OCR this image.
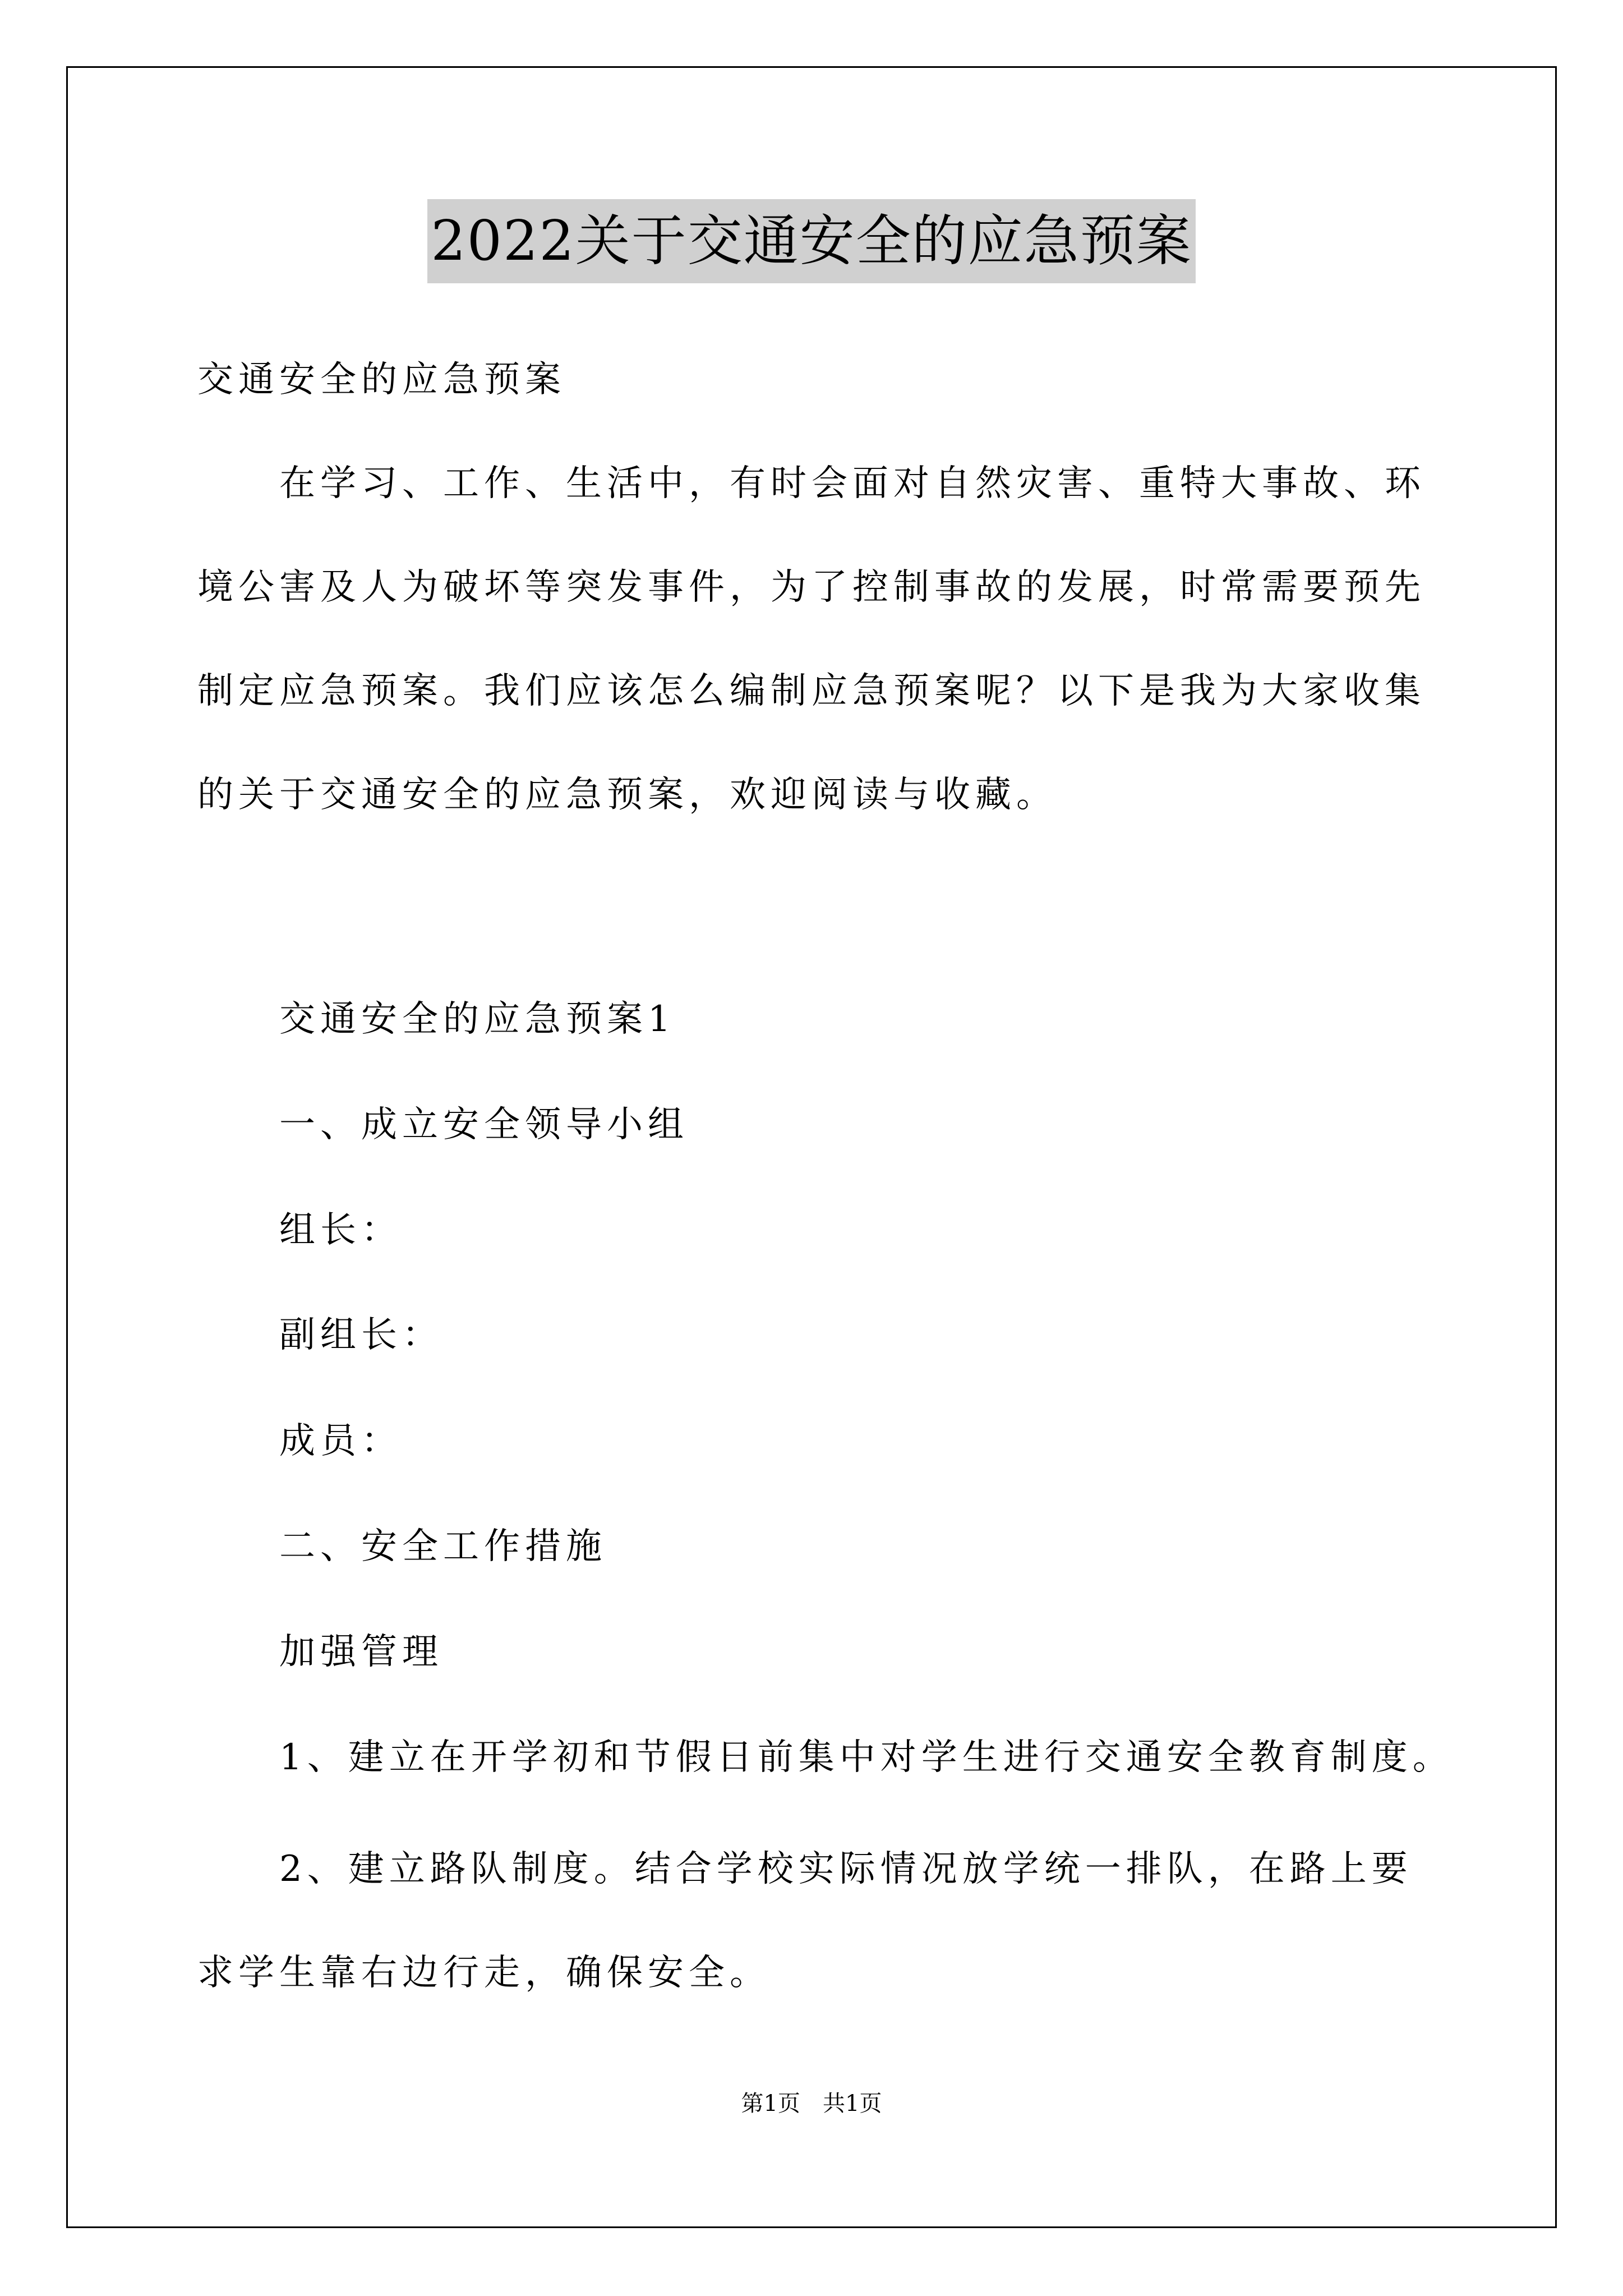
2022关于交通安全的应急预案
交通安全的应急预案
在学习、工作、生活中，有时会面对自然灾害、重特大事故、环境公害及人为破坏等突发事件，为了控制事故的发展，时常需要预先制定应急预案。我们应该怎么编制应急预案呢？以下是我为大家收集的关于交通安全的应急预案，欢迎阅读与收藏。
交通安全的应急预案1
一、成立安全领导小组
组长：
副组长：
成员：
二、安全工作措施
加强管理
1、建立在开学初和节假日前集中对学生进行交通安全教育制度。
2、建立路队制度。结合学校实际情况放学统一排队，在路上要求学生靠右边行走，确保安全。
第1页　共1页
